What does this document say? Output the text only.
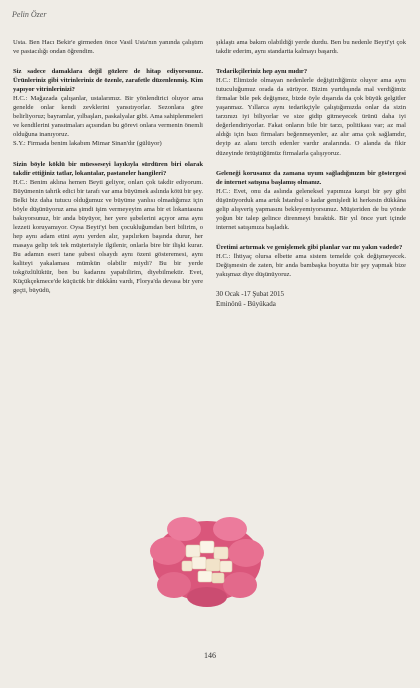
Pelin Özer

Usta. Ben Hacı Bekir'e girmeden önce Vasil Usta'nın yanında çalıştım ve pastacılığı ondan öğrendim.

Siz sadece damaklara değil gözlere de hitap ediyorsunuz. Ürünleriniz gibi vitrinleriniz de özenle, zarafetle düzenlenmiş. Kim yapıyor vitrinlerinizi?

H.C.: Mağazada çalışanlar, ustalarımız. Bir yönlendirici oluyor ama genelde onlar kendi zevklerini yansıtıyorlar. Sezonlara göre belirliyoruz; bayramlar, yılbaşları, paskalyalar gibi. Ama sahiplenmeleri ve kendilerini yansıtmaları açısından bu görevi onlara vermenin önemli olduğuna inanıyoruz.

S.Y.: Firmada benim lakabım Mimar Sinan'dır (gülüyor)

Sizin böyle köklü bir müesseseyi layıkıyla sürdüren biri olarak takdir ettiğiniz tatlar, lokantalar, pastaneler hangileri?

H.C.: Benim aklına hemen Beyti geliyor, onları çok takdir ediyorum. Büyümenin tahrik edici bir tarafı var ama büyümek aslında kötü bir şey. Belki biz daha tutucu olduğumuz ve büyüme yanlısı olmadığımız için böyle düşünüyoruz ama şimdi işim vermeyeyim ama bir et lokantasına bakıyorsunuz, bir anda büyüyor, her yere şubelerini açıyor ama aynı lezzeti koruyamıyor. Oysa Beyti'yi ben çocukluğumdan beri bilirim, o hep aynı adam etini aynı yerden alır, yapılırken başında durur, her masaya gelip tek tek müşterisiyle ilgilenir, onlarla bire bir ilişki kurar. Bu adamın eseri tane şubesi olsaydı aynı özeni gösteremesi, aynı kaliteyi yakalaması mümkün olabilir miydi? Bu bir yerde tokgözlülüktür, ben bu kadarını yapabilirim, diyebilmektir. Evet, Küçükçekmece'de küçücük bir dükkânı vardı, Florya'da devasa bir yere geçti, büyüdü,

şıklaştı ama bakım olabildiği yerde durdu. Ben bu nedenle Beyti'yi çok takdir ederim, aynı standartta kalmayı başardı.

Tedarikçileriniz hep aynı mıdır?

H.C.: Elimizde olmayan nedenlerle değiştirdiğimiz oluyor ama aynı tutuculuğumuz orada da sürüyor. Bizim yurtdışında mal verdiğimiz firmalar bile pek değişmez, bizde öyle dışarıda da çok büyük gelgitler yaşanmaz. Yıllarca aynı tedarikçiyle çalıştığımızda onlar da sizin tarzınızı iyi biliyorlar ve size gidip gitmeyecek ürünü daha iyi değerlendiriyorlar. Fakat onların bile bir tarzı, politikası var; az mal aldığı için bazı firmaları beğenmeyenler, az alır ama çok sağlamdır, deyip az alanı tercih edenler vardır aralarında. O alanda da fikir düzeyinde örtüştüğümüz firmalarla çalışıyoruz.

Geleneği korusanız da zamana uyum sağladığınızın bir göstergesi de internet satışına başlamış olmanız.

H.C.: Evet, onu da aslında geleneksel yapımıza karşıt bir şey gibi düşünüyorduk ama artık İstanbul o kadar genişledi ki herkesin dükkâna gelip alışveriş yapmasını bekleyemiyorsunuz. Müşteriden de bu yönde yoğun bir talep gelince direnmeyi bıraktık. Bir yıl önce yurt içinde internet satışımıza başladık.

Üretimi artırmak ve genişlemek gibi planlar var mı yakın vadede?

H.C.: İhtiyaç olursa elbette ama sistem temelde çok değişmeyecek. Değişmesin de zaten, bir anda bambaşka boyutta bir şey yapmak bize yakışmaz diye düşünüyoruz.

30 Ocak -17 Şubat 2015
Eminönü - Büyükada
146
